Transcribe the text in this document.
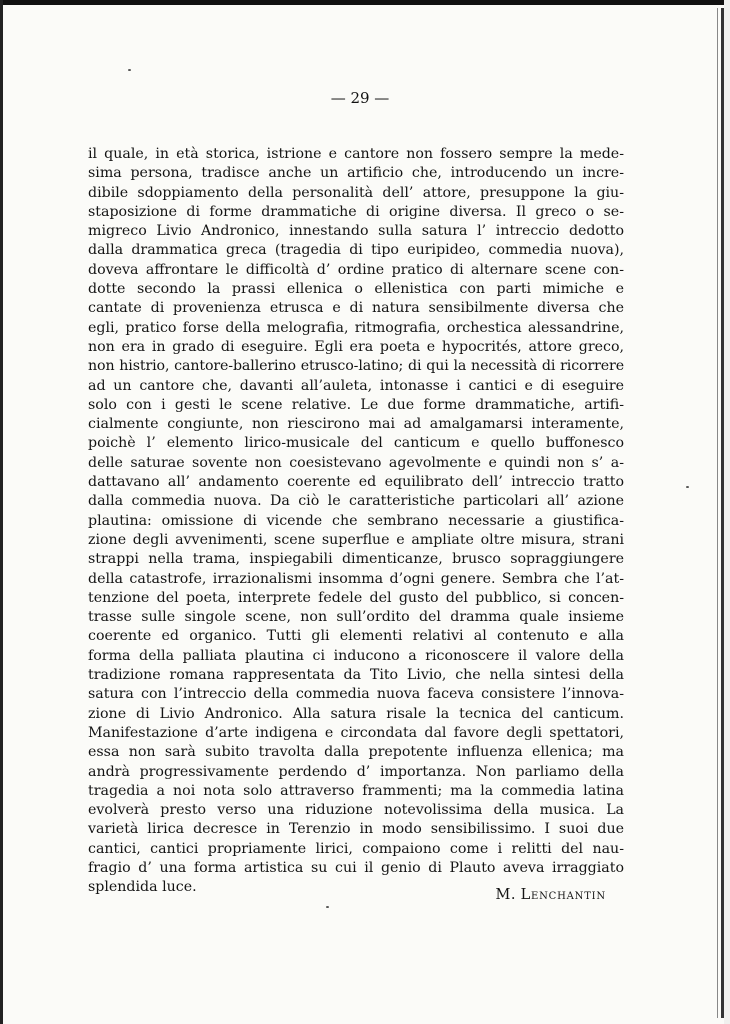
— 29 —
il quale, in età storica, istrione e cantore non fossero sempre la mede-
sima persona, tradisce anche un artificio che, introducendo un incre-
dibile sdoppiamento della personalità dell’ attore, presuppone la giu-
staposizione di forme drammatiche di origine diversa. Il greco o se-
migreco Livio Andronico, innestando sulla satura l’ intreccio dedotto
dalla drammatica greca (tragedia di tipo euripideo, commedia nuova),
doveva affrontare le difficoltà d’ ordine pratico di alternare scene con-
dotte secondo la prassi ellenica o ellenistica con parti mimiche e
cantate di provenienza etrusca e di natura sensibilmente diversa che
egli, pratico forse della melografia, ritmografia, orchestica alessandrine,
non era in grado di eseguire. Egli era poeta e hypocrités, attore greco,
non histrio, cantore-ballerino etrusco-latino; di qui la necessità di ricorrere
ad un cantore che, davanti all’auleta, intonasse i cantici e di eseguire
solo con i gesti le scene relative. Le due forme drammatiche, artifi-
cialmente congiunte, non riescirono mai ad amalgamarsi interamente,
poichè l’ elemento lirico-musicale del canticum e quello buffonesco
delle saturae sovente non coesistevano agevolmente e quindi non s’ a-
dattavano all’ andamento coerente ed equilibrato dell’ intreccio tratto
dalla commedia nuova. Da ciò le caratteristiche particolari all’ azione
plautina: omissione di vicende che sembrano necessarie a giustifica-
zione degli avvenimenti, scene superflue e ampliate oltre misura, strani
strappi nella trama, inspiegabili dimenticanze, brusco sopraggiungere
della catastrofe, irrazionalismi insomma d’ogni genere. Sembra che l’at-
tenzione del poeta, interprete fedele del gusto del pubblico, si concen-
trasse sulle singole scene, non sull’ordito del dramma quale insieme
coerente ed organico. Tutti gli elementi relativi al contenuto e alla
forma della palliata plautina ci inducono a riconoscere il valore della
tradizione romana rappresentata da Tito Livio, che nella sintesi della
satura con l’intreccio della commedia nuova faceva consistere l’innova-
zione di Livio Andronico. Alla satura risale la tecnica del canticum.
Manifestazione d’arte indigena e circondata dal favore degli spettatori,
essa non sarà subito travolta dalla prepotente influenza ellenica; ma
andrà progressivamente perdendo d’ importanza. Non parliamo della
tragedia a noi nota solo attraverso frammenti; ma la commedia latina
evolverà presto verso una riduzione notevolissima della musica. La
varietà lirica decresce in Terenzio in modo sensibilissimo. I suoi due
cantici, cantici propriamente lirici, compaiono come i relitti del nau-
fragio d’ una forma artistica su cui il genio di Plauto aveva irraggiato
splendida luce.	M. Lenchantin
